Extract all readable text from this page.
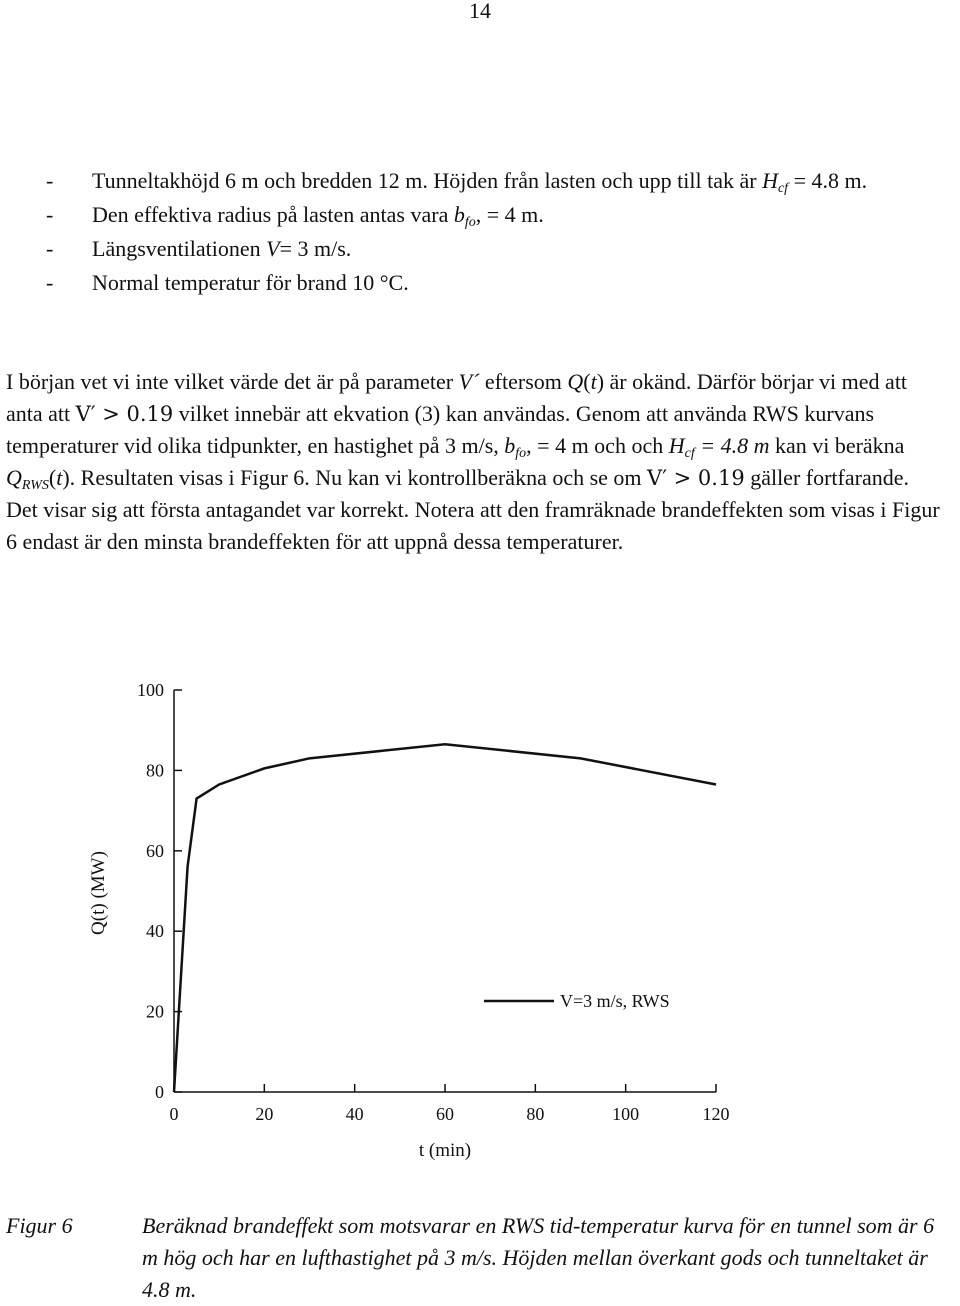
14
-	Tunneltakhöjd 6 m och bredden 12 m. Höjden från lasten och upp till tak är $H_{cf} = 4.8$ m.
-	Den effektiva radius på lasten antas vara $b_{fo}$, = 4 m.
-	Längsventilationen V= 3 m/s.
-	Normal temperatur för brand 10 °C.
I början vet vi inte vilket värde det är på parameter V´ eftersom Q(t) är okänd. Därför börjar vi med att anta att V′ > 0.19 vilket innebär att ekvation (3) kan användas. Genom att använda RWS kurvans temperaturer vid olika tidpunkter, en hastighet på 3 m/s, $b_{fo}$, = 4 m och och $H_{cf} = 4.8$ m kan vi beräkna $Q_{RWS}(t)$. Resultaten visas i Figur 6. Nu kan vi kontrollberäkna och se om V′ > 0.19 gäller fortfarande. Det visar sig att första antagandet var korrekt. Notera att den framräknade brandeffekten som visas i Figur 6 endast är den minsta brandeffekten för att uppnå dessa temperaturer.
0
20
40
60
80
100
0	20	40	60	80	100	120
t (min)
Q(t) (MW)
V=3 m/s, RWS
Figur 6	Beräknad brandeffekt som motsvarar en RWS tid-temperatur kurva för en tunnel som är 6 m hög och har en lufthastighet på 3 m/s. Höjden mellan överkant gods och tunneltaket är 4.8 m.
